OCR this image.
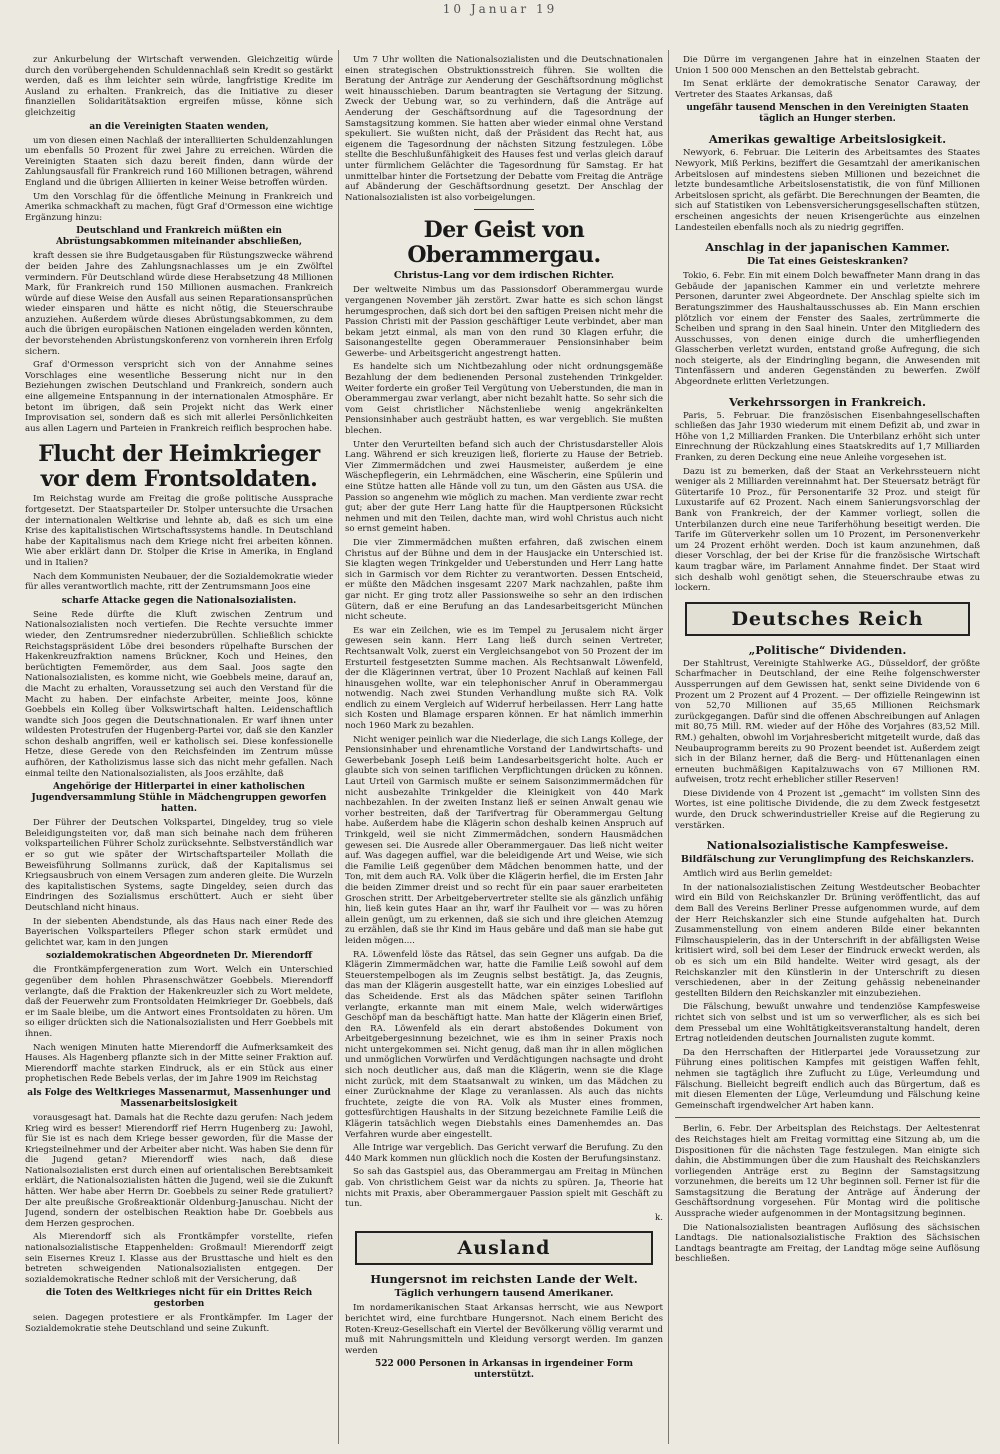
10 Januar 19

zur Ankurbelung der Wirtschaft verwenden. Gleichzeitig würde durch den vorübergehenden Schuldennachlaß sein Kredit so gestärkt werden, daß es ihm leichter sein würde, langfristige Kredite im Ausland zu erhalten. Frankreich, das die Initiative zu dieser finanziellen Solidaritätsaktion ergreifen müsse, könne sich gleichzeitig

an die Vereinigten Staaten wenden,

um von diesen einen Nachlaß der interalliierten Schuldenzahlungen um ebenfalls 50 Prozent für zwei Jahre zu erreichen. Würden die Vereinigten Staaten sich dazu bereit finden, dann würde der Zahlungsausfall für Frankreich rund 160 Millionen betragen, während England und die übrigen Alliierten in keiner Weise betroffen würden.

Um den Vorschlag für die öffentliche Meinung in Frankreich und Amerika schmackhaft zu machen, fügt Graf d'Ormesson eine wichtige Ergänzung hinzu:

Deutschland und Frankreich müßten ein Abrüstungsabkommen miteinander abschließen,

kraft dessen sie ihre Budgetausgaben für Rüstungszwecke während der beiden Jahre des Zahlungsnachlasses um je ein Zwölftel vermindern. Für Deutschland würde diese Herabsetzung 48 Millionen Mark, für Frankreich rund 150 Millionen ausmachen. Frankreich würde auf diese Weise den Ausfall aus seinen Reparationsansprüchen wieder einsparen und hätte es nicht nötig, die Steuerschraube anzuziehen. Außerdem würde dieses Abrüstungsabkommen, zu dem auch die übrigen europäischen Nationen eingeladen werden könnten, der bevorstehenden Abrüstungskonferenz von vornherein ihren Erfolg sichern.

Graf d'Ormesson verspricht sich von der Annahme seines Vorschlages eine wesentliche Besserung nicht nur in den Beziehungen zwischen Deutschland und Frankreich, sondern auch eine allgemeine Entspannung in der internationalen Atmosphäre. Er betont im übrigen, daß sein Projekt nicht das Werk einer Improvisation sei, sondern daß es sich mit allerlei Persönlichkeiten aus allen Lagern und Parteien in Frankreich reiflich besprochen habe.

Flucht der Heimkrieger vor dem Frontsoldaten.

Im Reichstag wurde am Freitag die große politische Aussprache fortgesetzt. Der Staatsparteiler Dr. Stolper untersuchte die Ursachen der internationalen Weltkrise und lehnte ab, daß es sich um eine Krise des kapitalistischen Wirtschaftssystems handle. In Deutschland habe der Kapitalismus nach dem Kriege nicht frei arbeiten können. Wie aber erklärt dann Dr. Stolper die Krise in Amerika, in England und in Italien?

Nach dem Kommunisten Neubauer, der die Sozialdemokratie wieder für alles verantwortlich machte, ritt der Zentrumsmann Joos eine

scharfe Attacke gegen die Nationalsozialisten.

Seine Rede dürfte die Kluft zwischen Zentrum und Nationalsozialisten noch vertiefen. Die Rechte versuchte immer wieder, den Zentrumsredner niederzubrüllen. Schließlich schickte Reichstagspräsident Löbe drei besonders rüpelhafte Burschen der Hakenkreuzfraktion namens Brückner, Koch und Heines, den berüchtigten Fememörder, aus dem Saal. Joos sagte den Nationalsozialisten, es komme nicht, wie Goebbels meine, darauf an, die Macht zu erhalten, Voraussetzung sei auch den Verstand für die Macht zu haben. Der einfachste Arbeiter, meinte Joos, könne Goebbels ein Kolleg über Volkswirtschaft halten. Leidenschaftlich wandte sich Joos gegen die Deutschnationalen. Er warf ihnen unter wildesten Protestrufen der Hugenberg-Partei vor, daß sie den Kanzler schon deshalb angriffen, weil er katholisch sei. Diese konfessionelle Hetze, diese Gerede von den Reichsfeinden im Zentrum müsse aufhören, der Katholizismus lasse sich das nicht mehr gefallen. Nach einmal teilte den Nationalsozialisten, als Joos erzählte, daß

Angehörige der Hitlerpartei in einer katholischen Jugendversammlung Stühle in Mädchengruppen geworfen hatten.

Der Führer der Deutschen Volkspartei, Dingeldey, trug so viele Beleidigungsteiten vor, daß man sich beinahe nach dem früheren volksparteilichen Führer Scholz zurücksehnte. Selbstverständlich war er so gut wie später der Wirtschaftsparteiler Mollath die Beweisführung Sollmanns zurück, daß der Kapitalismus sei Kriegsausbruch von einem Versagen zum anderen gleite. Die Wurzeln des kapitalistischen Systems, sagte Dingeldey, seien durch das Eindringen des Sozialismus erschüttert. Auch er sieht über Deutschland nicht hinaus.

In der siebenten Abendstunde, als das Haus nach einer Rede des Bayerischen Volksparteilers Pfleger schon stark ermüdet und gelichtet war, kam in den jungen

sozialdemokratischen Abgeordneten Dr. Mierendorff

die Frontkämpfergeneration zum Wort. Welch ein Unterschied gegenüber dem hohlen Phrasenschwätzer Goebbels. Mierendorff verlangte, daß die Fraktion der Hakenkreuzler sich zu Wort meldete, daß der Feuerwehr zum Frontsoldaten Heimkrieger Dr. Goebbels, daß er im Saale bleibe, um die Antwort eines Frontsoldaten zu hören. Um so eiliger drückten sich die Nationalsozialisten und Herr Goebbels mit ihnen.

Nach wenigen Minuten hatte Mierendorff die Aufmerksamkeit des Hauses. Als Hagenberg pflanzte sich in der Mitte seiner Fraktion auf. Mierendorff machte starken Eindruck, als er ein Stück aus einer prophetischen Rede Bebels verlas, der im Jahre 1909 im Reichstag

als Folge des Weltkrieges Massenarmut, Massenhunger und Massenarbeitslosigkeit

vorausgesagt hat. Damals hat die Rechte dazu gerufen: Nach jedem Krieg wird es besser! Mierendorff rief Herrn Hugenberg zu: Jawohl, für Sie ist es nach dem Kriege besser geworden, für die Masse der Kriegsteilnehmer und der Arbeiter aber nicht. Was haben Sie denn für die Jugend getan? Mierendorff wies nach, daß diese Nationalsozialisten erst durch einen auf orientalischen Berebtsamkeit erklärt, die Nationalsozialisten hätten die Jugend, weil sie die Zukunft hätten. Wer habe aber Herrn Dr. Goebbels zu seiner Rede gratuliert? Der alte preußische Großreaktionär Oldenburg-Januschau. Nicht der Jugend, sondern der ostelbischen Reaktion habe Dr. Goebbels aus dem Herzen gesprochen.

Als Mierendorff sich als Frontkämpfer vorstellte, riefen nationalsozialistische Etappenhelden: Großmaul! Mierendorff zeigt sein Eisernes Kreuz I. Klasse aus der Brusttasche und hielt es den betreten schweigenden Nationalsozialisten entgegen. Der sozialdemokratische Redner schloß mit der Versicherung, daß

die Toten des Weltkrieges nicht für ein Drittes Reich gestorben

seien. Dagegen protestiere er als Frontkämpfer. Im Lager der Sozialdemokratie stehe Deutschland und seine Zukunft.

Um 7 Uhr wollten die Nationalsozialisten und die Deutschnationalen einen strategischen Obstruktionsstreich führen. Sie wollten die Beratung der Anträge zur Aenderung der Geschäftsordnung möglichst weit hinausschieben. Darum beantragten sie Vertagung der Sitzung. Zweck der Uebung war, so zu verhindern, daß die Anträge auf Aenderung der Geschäftsordnung auf die Tagesordnung der Samstagsitzung kommen. Sie hatten aber wieder einmal ohne Verstand spekuliert. Sie wußten nicht, daß der Präsident das Recht hat, aus eigenem die Tagesordnung der nächsten Sitzung festzulegen. Löbe stellte die Beschlußunfähigkeit des Hauses fest und verlas gleich darauf unter fürmlichem Gelächter die Tagesordnung für Samstag. Er hat unmittelbar hinter die Fortsetzung der Debatte vom Freitag die Anträge auf Abänderung der Geschäftsordnung gesetzt. Der Anschlag der Nationalsozialisten ist also vorbeigelungen.

Der Geist von Oberammergau.
Christus-Lang vor dem irdischen Richter.

Der weltweite Nimbus um das Passionsdorf Oberammergau wurde vergangenen November jäh zerstört. Zwar hatte es sich schon längst herumgesprochen, daß sich dort bei den saftigen Preisen nicht mehr die Passion Christi mit der Passion geschäftiger Leute verbindet, aber man bekam jetzt einmal, als man von den rund 30 Klagen erfuhr, die Saisonangestellte gegen Oberammerauer Pensionsinhaber beim Gewerbe- und Arbeitsgericht angestrengt hatten.

Es handelte sich um Nichtbezahlung oder nicht ordnungsgemäße Bezahlung der dem bedienenden Personal zustehenden Trinkgelder. Weiter forderte ein großer Teil Vergütung von Ueberstunden, die man in Oberammergau zwar verlangt, aber nicht bezahlt hatte. So sehr sich die vom Geist christlicher Nächstenliebe wenig angekränkelten Pensionsinhaber auch gesträubt hatten, es war vergeblich. Sie mußten blechen.

Unter den Verurteilten befand sich auch der Christusdarsteller Alois Lang. Während er sich kreuzigen ließ, florierte zu Hause der Betrieb. Vier Zimmermädchen und zwei Hausmeister, außerdem je eine Wäschepflegerin, ein Lehrmädchen, eine Wäscherin, eine Spülerin und eine Stütze hatten alle Hände voll zu tun, um den Gästen aus USA. die Passion so angenehm wie möglich zu machen. Man verdiente zwar recht gut; aber der gute Herr Lang hatte für die Hauptpersonen Rücksicht nehmen und mit den Teilen, dachte man, wird wohl Christus auch nicht so ernst gemeint haben.

Die vier Zimmermädchen mußten erfahren, daß zwischen einem Christus auf der Bühne und dem in der Hausjacke ein Unterschied ist. Sie klagten wegen Trinkgelder und Ueberstunden und Herr Lang hatte sich in Garmisch vor dem Richter zu verantworten. Dessen Entscheid, er müßte den Mädchen insgesamt 2207 Mark nachzahlen, paßte ihm gar nicht. Er ging trotz aller Passionsweihe so sehr an den irdischen Gütern, daß er eine Berufung an das Landesarbeitsgericht München nicht scheute.

Es war ein Zeilchen, wie es im Tempel zu Jerusalem nicht ärger gewesen sein kann. Herr Lang ließ durch seinen Vertreter, Rechtsanwalt Volk, zuerst ein Vergleichsangebot von 50 Prozent der im Ersturteil festgesetzten Summe machen. Als Rechtsanwalt Löwenfeld, der die Klägerinnen vertrat, über 10 Prozent Nachlaß auf keinen Fall hinausgehen wollte, war ein telephonischer Anruf in Oberammergau notwendig. Nach zwei Stunden Verhandlung mußte sich RA. Volk endlich zu einem Vergleich auf Widerruf herbeilassen. Herr Lang hatte sich Kosten und Blamage ersparen können. Er hat nämlich immerhin noch 1960 Mark zu bezahlen.

Nicht weniger peinlich war die Niederlage, die sich Langs Kollege, der Pensionsinhaber und ehrenamtliche Vorstand der Landwirtschafts- und Gewerbebank Joseph Leiß beim Landesarbeitsgericht holte. Auch er glaubte sich von seinen tariflichen Verpflichtungen drücken zu können. Laut Urteil von Garmisch mußte er seinem Saisonzimmermädchen für nicht ausbezahlte Trinkgelder die Kleinigkeit von 440 Mark nachbezahlen. In der zweiten Instanz ließ er seinen Anwalt genau wie vorher bestreiten, daß der Tarifvertrag für Oberammergau Geltung habe. Außerdem habe die Klägerin schon deshalb keinen Anspruch auf Trinkgeld, weil sie nicht Zimmermädchen, sondern Hausmädchen gewesen sei. Die Ausrede aller Oberammergauer. Das ließ nicht weiter auf. Was dagegen auffiel, war die beleidigende Art und Weise, wie sich die Familie Leiß gegenüber dem Mädchen benommen hatte, und der Ton, mit dem auch RA. Volk über die Klägerin herfiel, die im Ersten Jahr die beiden Zimmer dreist und so recht für ein paar sauer erarbeiteten Groschen stritt. Der Arbeitgebervertreter stellte sie als gänzlich unfähig hin, ließ kein gutes Haar an ihr, warf ihr Faulheit vor — was zu hören allein genügt, um zu erkennen, daß sie sich und ihre gleichen Atemzug zu erzählen, daß sie ihr Kind im Haus gebäre und daß man sie habe gut leiden mögen....

RA. Löwenfeld löste das Rätsel, das sein Gegner uns aufgab. Da die Klägerin Zimmermädchen war, hatte die Familie Leiß sowohl auf dem Steuerstempelbogen als im Zeugnis selbst bestätigt. Ja, das Zeugnis, das man der Klägerin ausgestellt hatte, war ein einziges Lobeslied auf das Scheidende. Erst als das Mädchen später seinen Tariflohn verlangte, erkannte man mit einem Male, welch widerwärtiges Geschöpf man da beschäftigt hatte. Man hatte der Klägerin einen Brief, den RA. Löwenfeld als ein derart abstoßendes Dokument von Arbeitgebergesinnung bezeichnet, wie es ihm in seiner Praxis noch nicht untergekommen sei. Nicht genug, daß man ihr in allen möglichen und unmöglichen Vorwürfen und Verdächtigungen nachsagte und droht sich noch deutlicher aus, daß man die Klägerin, wenn sie die Klage nicht zurück, mit dem Staatsanwalt zu winken, um das Mädchen zu einer Zurücknahme der Klage zu veranlassen. Als auch das nichts fruchtete, zeigte die von RA. Volk als Muster eines frommen, gottesfürchtigen Haushalts in der Sitzung bezeichnete Familie Leiß die Klägerin tatsächlich wegen Diebstahls eines Damenhemdes an. Das Verfahren wurde aber eingestellt.

Alle Intrige war vergeblich. Das Gericht verwarf die Berufung. Zu den 440 Mark kommen nun glücklich noch die Kosten der Berufungsinstanz.

So sah das Gastspiel aus, das Oberammergau am Freitag in München gab. Von christlichem Geist war da nichts zu spüren. Ja, Theorie hat nichts mit Praxis, aber Oberammergauer Passion spielt mit Geschäft zu tun.

k.

Ausland
Hungersnot im reichsten Lande der Welt.
Täglich verhungern tausend Amerikaner.

Im nordamerikanischen Staat Arkansas herrscht, wie aus Newport berichtet wird, eine furchtbare Hungersnot. Nach einem Bericht des Roten-Kreuz-Gesellschaft ein Viertel der Bevölkerung völlig verarmt und muß mit Nahrungsmitteln und Kleidung versorgt werden. Im ganzen werden

522 000 Personen in Arkansas in irgendeiner Form unterstützt.

Die Dürre im vergangenen Jahre hat in einzelnen Staaten der Union 1 500 000 Menschen an den Bettelstab gebracht.

Im Senat erklärte der demokratische Senator Caraway, der Vertreter des Staates Arkansas, daß

ungefähr tausend Menschen in den Vereinigten Staaten täglich an Hunger sterben.
Amerikas gewaltige Arbeitslosigkeit.

Newyork, 6. Februar. Die Leiterin des Arbeitsamtes des Staates Newyork, Miß Perkins, beziffert die Gesamtzahl der amerikanischen Arbeitslosen auf mindestens sieben Millionen und bezeichnet die letzte bundesamtliche Arbeitslosenstatistik, die von fünf Millionen Arbeitslosen spricht, als gefärbt. Die Berechnungen der Beamten, die sich auf Statistiken von Lebensversicherungsgesellschaften stützen, erscheinen angesichts der neuen Krisengerüchte aus einzelnen Landesteilen ebenfalls noch als zu niedrig gegriffen.

Anschlag in der japanischen Kammer.
Die Tat eines Geisteskranken?

Tokio, 6. Febr. Ein mit einem Dolch bewaffneter Mann drang in das Gebäude der japanischen Kammer ein und verletzte mehrere Personen, darunter zwei Abgeordnete. Der Anschlag spielte sich im Beratungszimmer des Haushaltausschusses ab. Ein Mann erschien plötzlich vor einem der Fenster des Saales, zertrümmerte die Scheiben und sprang in den Saal hinein. Unter den Mitgliedern des Ausschusses, von denen einige durch die umherfliegenden Glasscherben verletzt wurden, entstand große Aufregung, die sich noch steigerte, als der Eindringling begann, die Anwesenden mit Tintenfässern und anderen Gegenständen zu bewerfen. Zwölf Abgeordnete erlitten Verletzungen.

Verkehrssorgen in Frankreich.

Paris, 5. Februar. Die französischen Eisenbahngesellschaften schließen das Jahr 1930 wiederum mit einem Defizit ab, und zwar in Höhe von 1,2 Milliarden Franken. Die Unterbilanz erhöht sich unter Einrechnung der Rückzahlung eines Staatskredits auf 1,7 Milliarden Franken, zu deren Deckung eine neue Anleihe vorgesehen ist.

Dazu ist zu bemerken, daß der Staat an Verkehrssteuern nicht weniger als 2 Milliarden vereinnahmt hat. Der Steuersatz beträgt für Gütertarife 10 Proz., für Personentarife 32 Proz. und steigt für Luxustarife auf 62 Prozent. Nach einem Sanierungsvorschlag der Bank von Frankreich, der der Kammer vorliegt, sollen die Unterbilanzen durch eine neue Tariferhöhung beseitigt werden. Die Tarife im Güterverkehr sollen um 10 Prozent, im Personenverkehr um 24 Prozent erhöht werden. Doch ist kaum anzunehmen, daß dieser Vorschlag, der bei der Krise für die französische Wirtschaft kaum tragbar wäre, im Parlament Annahme findet. Der Staat wird sich deshalb wohl genötigt sehen, die Steuerschraube etwas zu lockern.

Deutsches Reich
„Politische“ Dividenden.

Der Stahltrust, Vereinigte Stahlwerke AG., Düsseldorf, der größte Scharfmacher in Deutschland, der eine Reihe folgenschwerster Aussperrungen auf dem Gewissen hat, senkt seine Dividende von 6 Prozent um 2 Prozent auf 4 Prozent. — Der offizielle Reingewinn ist von 52,70 Millionen auf 35,65 Millionen Reichsmark zurückgegangen. Dafür sind die offenen Abschreibungen auf Anlagen mit 80,75 Mill. RM. wieder auf der Höhe des Vorjahres (83,52 Mill. RM.) gehalten, obwohl im Vorjahresbericht mitgeteilt wurde, daß das Neubauprogramm bereits zu 90 Prozent beendet ist. Außerdem zeigt sich in der Bilanz herner, daß die Berg- und Hüttenanlagen einen erneuten buchmäßigen Kapitalzuwachs von 67 Millionen RM. aufweisen, trotz recht erheblicher stiller Reserven!

Diese Dividende von 4 Prozent ist „gemacht“ im vollsten Sinn des Wortes, ist eine politische Dividende, die zu dem Zweck festgesetzt wurde, den Druck schwerindustrieller Kreise auf die Regierung zu verstärken.

Nationalsozialistische Kampfesweise.
Bildfälschung zur Verunglimpfung des Reichskanzlers.

Amtlich wird aus Berlin gemeldet:

In der nationalsozialistischen Zeitung Westdeutscher Beobachter wird ein Bild von Reichskanzler Dr. Brüning veröffentlicht, das auf dem Ball des Vereins Berliner Presse aufgenommen wurde, auf dem der Herr Reichskanzler sich eine Stunde aufgehalten hat. Durch Zusammenstellung von einem anderen Bilde einer bekannten Filmschauspielerin, das in der Unterschrift in der abfälligsten Weise kritisiert wird, soll bei dem Leser der Eindruck erweckt werden, als ob es sich um ein Bild handelte. Weiter wird gesagt, als der Reichskanzler mit den Künstlerin in der Unterschrift zu diesen verschiedenen, aber in der Zeitung gehässig nebeneinander gestellten Bildern den Reichskanzler mit einzubeziehen.

Die Fälschung, bewußt unwahre und tendenziöse Kampfesweise richtet sich von selbst und ist um so verwerflicher, als es sich bei dem Pressebal um eine Wohltätigkeitsveranstaltung handelt, deren Ertrag notleidenden deutschen Journalisten zugute kommt.

Da den Herrschaften der Hitlerpartei jede Voraussetzung zur Führung eines politischen Kampfes mit geistigen Waffen fehlt, nehmen sie tagtäglich ihre Zuflucht zu Lüge, Verleumdung und Fälschung. Bielleicht begreift endlich auch das Bürgertum, daß es mit diesen Elementen der Lüge, Verleumdung und Fälschung keine Gemeinschaft irgendwelcher Art haben kann.

Berlin, 6. Febr. Der Arbeitsplan des Reichstags. Der Aeltestenrat des Reichstages hielt am Freitag vormittag eine Sitzung ab, um die Dispositionen für die nächsten Tage festzulegen. Man einigte sich dahin, die Abstimmungen über die zum Haushalt des Reichskanzlers vorliegenden Anträge erst zu Beginn der Samstagsitzung vorzunehmen, die bereits um 12 Uhr beginnen soll. Ferner ist für die Samstagsitzung die Beratung der Anträge auf Änderung der Geschäftsordnung vorgesehen. Für Montag wird die politische Aussprache wieder aufgenommen in der Montagsitzung beginnen.

Die Nationalsozialisten beantragen Auflösung des sächsischen Landtags. Die nationalsozialistische Fraktion des Sächsischen Landtags beantragte am Freitag, der Landtag möge seine Auflösung beschließen.
